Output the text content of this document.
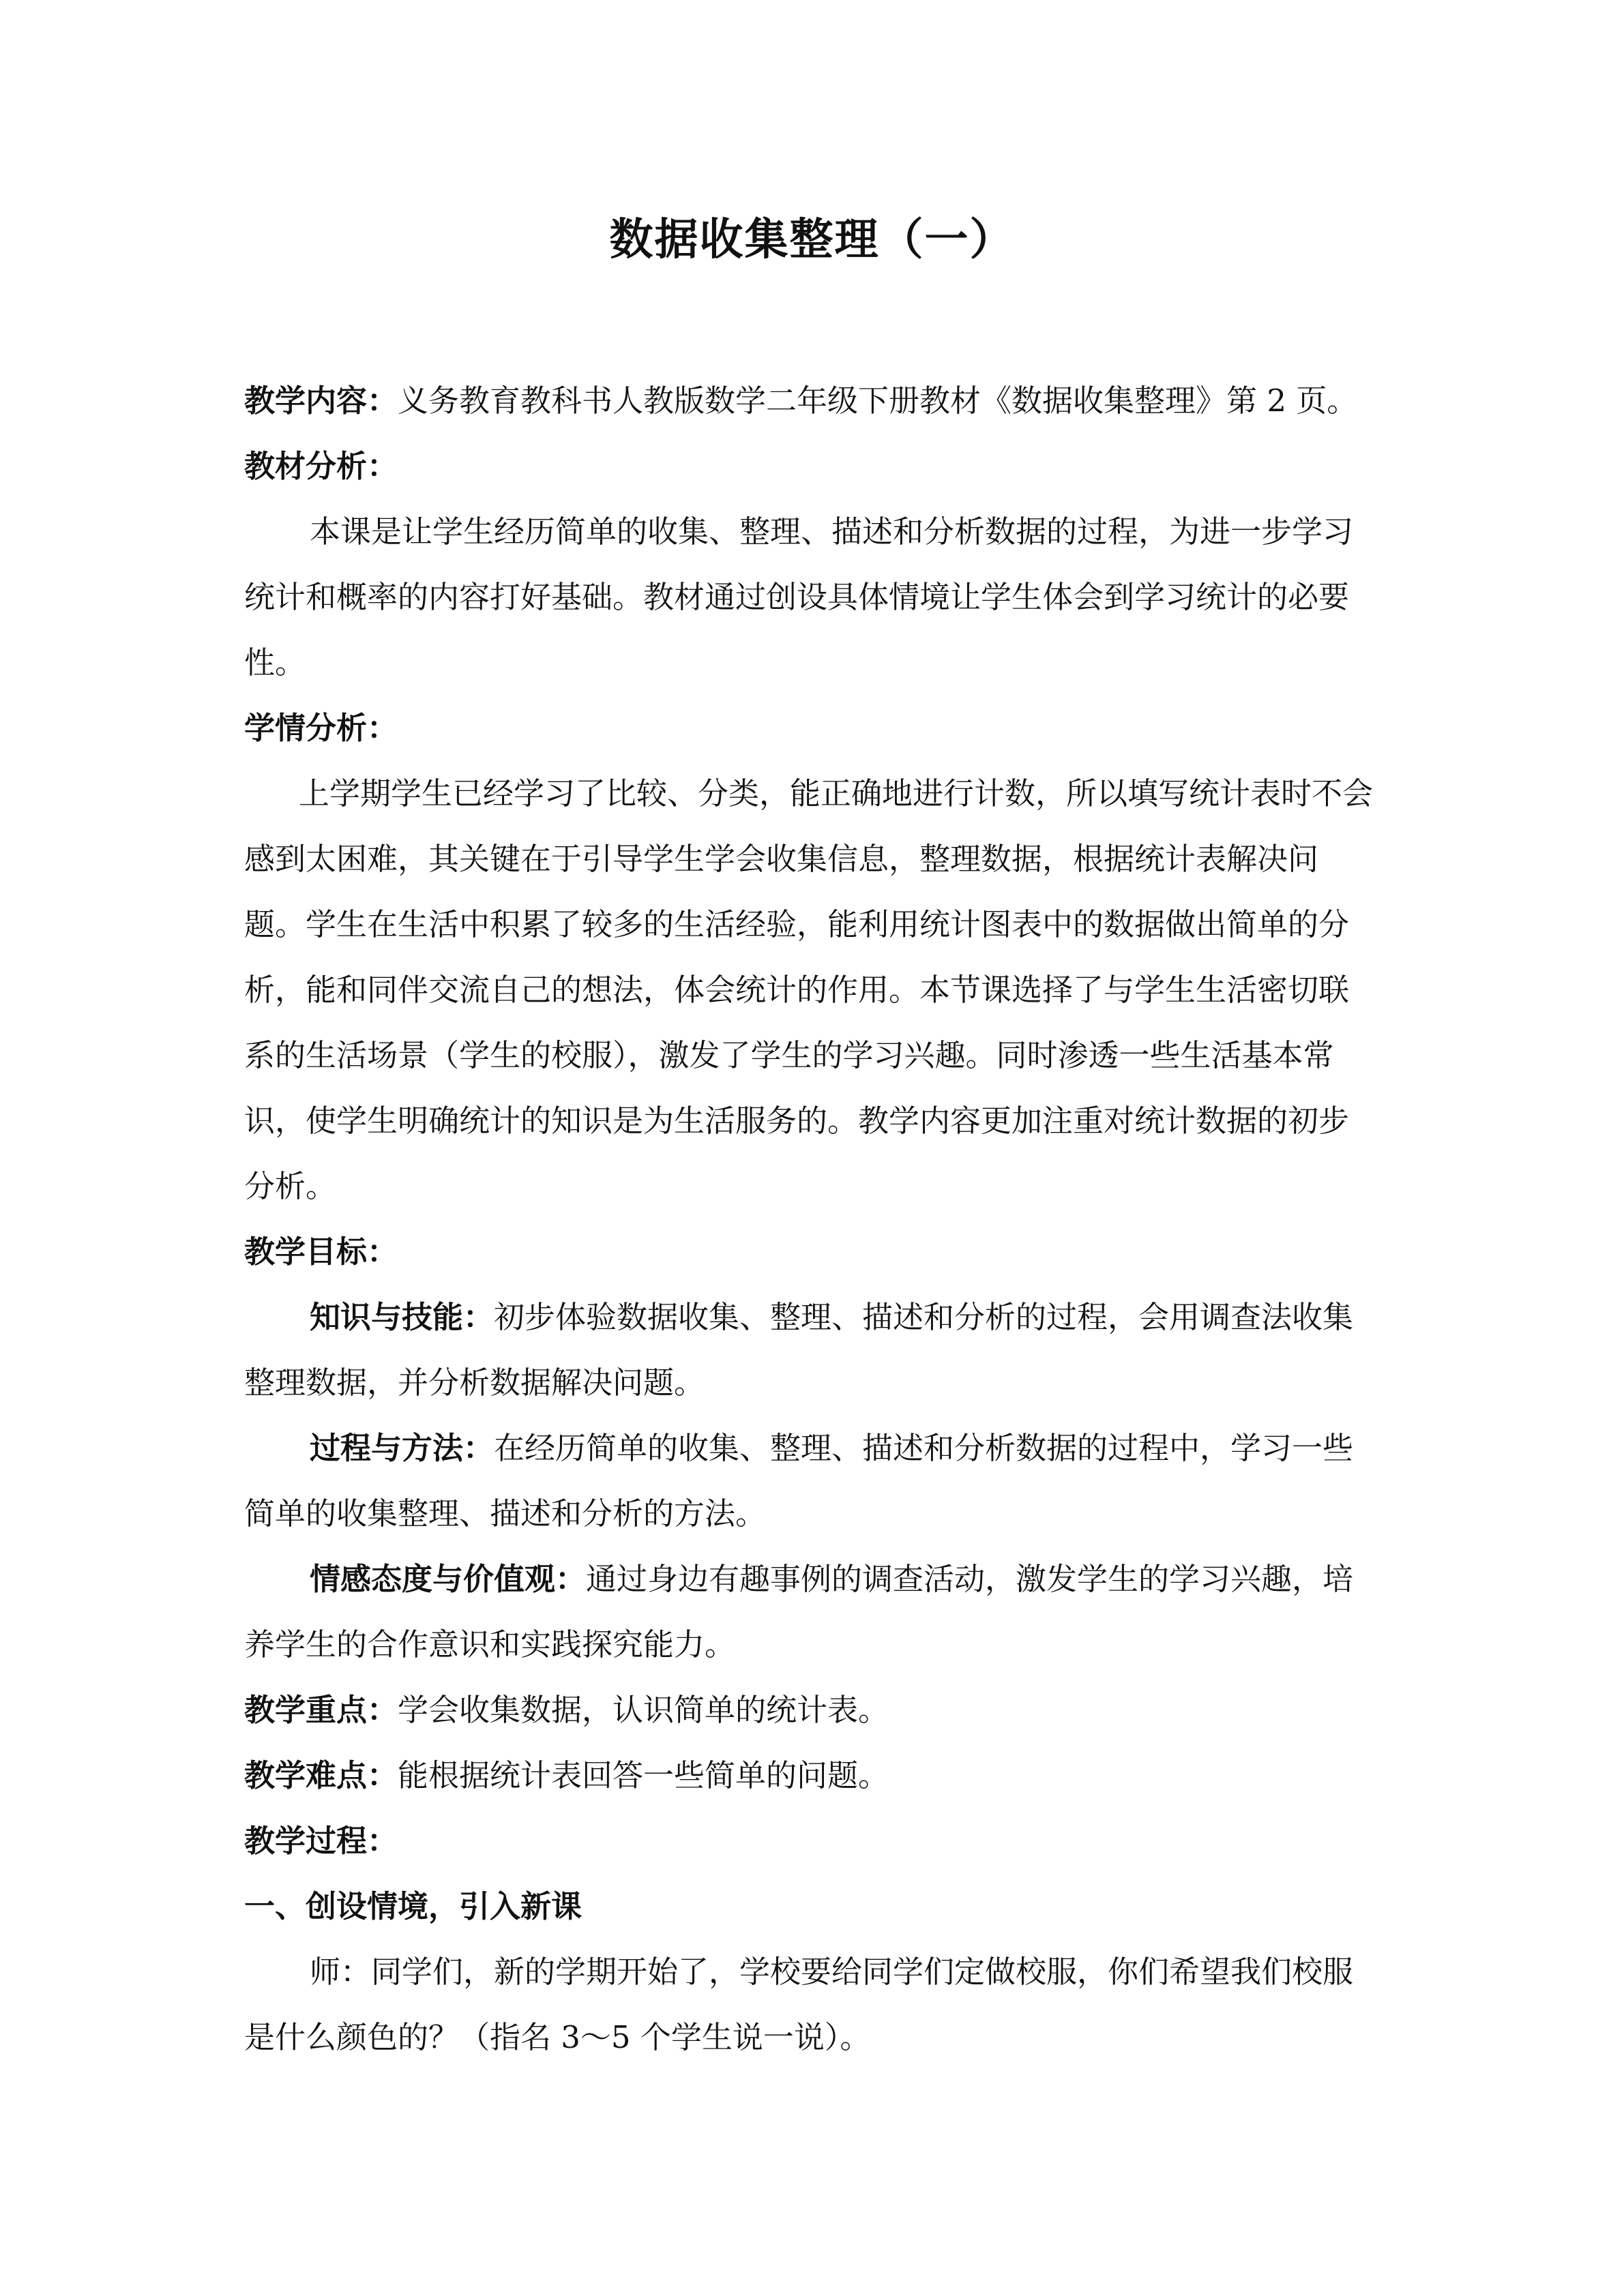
数据收集整理（一）

教学内容：义务教育教科书人教版数学二年级下册教材《数据收集整理》第 2 页。

教材分析：

本课是让学生经历简单的收集、整理、描述和分析数据的过程，为进一步学习统计和概率的内容打好基础。教材通过创设具体情境让学生体会到学习统计的必要性。

学情分析：

上学期学生已经学习了比较、分类，能正确地进行计数，所以填写统计表时不会感到太困难，其关键在于引导学生学会收集信息，整理数据，根据统计表解决问题。学生在生活中积累了较多的生活经验，能利用统计图表中的数据做出简单的分析，能和同伴交流自己的想法，体会统计的作用。本节课选择了与学生生活密切联系的生活场景（学生的校服），激发了学生的学习兴趣。同时渗透一些生活基本常识，使学生明确统计的知识是为生活服务的。教学内容更加注重对统计数据的初步分析。

教学目标：

知识与技能：初步体验数据收集、整理、描述和分析的过程，会用调查法收集整理数据，并分析数据解决问题。

过程与方法：在经历简单的收集、整理、描述和分析数据的过程中，学习一些简单的收集整理、描述和分析的方法。

情感态度与价值观：通过身边有趣事例的调查活动，激发学生的学习兴趣，培养学生的合作意识和实践探究能力。

教学重点：学会收集数据，认识简单的统计表。

教学难点：能根据统计表回答一些简单的问题。

教学过程：

一、创设情境，引入新课

师：同学们，新的学期开始了，学校要给同学们定做校服，你们希望我们校服是什么颜色的？（指名 3～5 个学生说一说）。
